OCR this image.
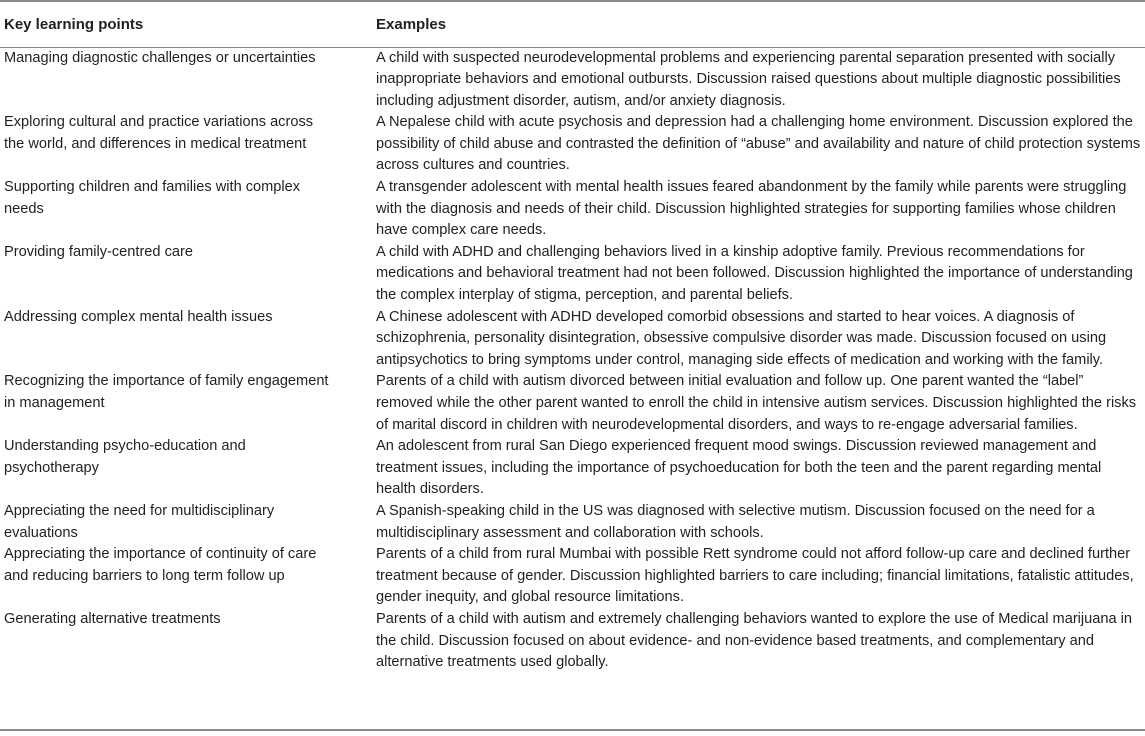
Key learning points	Examples
Managing diagnostic challenges or uncertainties	A child with suspected neurodevelopmental problems and experiencing parental separation presented with socially inappropriate behaviors and emotional outbursts. Discussion raised questions about multiple diagnostic possibilities including adjustment disorder, autism, and/or anxiety diagnosis.
Exploring cultural and practice variations across the world, and differences in medical treatment	A Nepalese child with acute psychosis and depression had a challenging home environment. Discussion explored the possibility of child abuse and contrasted the definition of “abuse” and availability and nature of child protection systems across cultures and countries.
Supporting children and families with complex needs	A transgender adolescent with mental health issues feared abandonment by the family while parents were struggling with the diagnosis and needs of their child. Discussion highlighted strategies for supporting families whose children have complex care needs.
Providing family-centred care	A child with ADHD and challenging behaviors lived in a kinship adoptive family. Previous recommendations for medications and behavioral treatment had not been followed. Discussion highlighted the importance of understanding the complex interplay of stigma, perception, and parental beliefs.
Addressing complex mental health issues	A Chinese adolescent with ADHD developed comorbid obsessions and started to hear voices. A diagnosis of schizophrenia, personality disintegration, obsessive compulsive disorder was made. Discussion focused on using antipsychotics to bring symptoms under control, managing side effects of medication and working with the family.
Recognizing the importance of family engagement in management	Parents of a child with autism divorced between initial evaluation and follow up. One parent wanted the “label” removed while the other parent wanted to enroll the child in intensive autism services. Discussion highlighted the risks of marital discord in children with neurodevelopmental disorders, and ways to re-engage adversarial families.
Understanding psycho-education and psychotherapy	An adolescent from rural San Diego experienced frequent mood swings. Discussion reviewed management and treatment issues, including the importance of psychoeducation for both the teen and the parent regarding mental health disorders.
Appreciating the need for multidisciplinary evaluations	A Spanish-speaking child in the US was diagnosed with selective mutism. Discussion focused on the need for a multidisciplinary assessment and collaboration with schools.
Appreciating the importance of continuity of care and reducing barriers to long term follow up	Parents of a child from rural Mumbai with possible Rett syndrome could not afford follow-up care and declined further treatment because of gender. Discussion highlighted barriers to care including; financial limitations, fatalistic attitudes, gender inequity, and global resource limitations.
Generating alternative treatments	Parents of a child with autism and extremely challenging behaviors wanted to explore the use of Medical marijuana in the child. Discussion focused on about evidence- and non-evidence based treatments, and complementary and alternative treatments used globally.
